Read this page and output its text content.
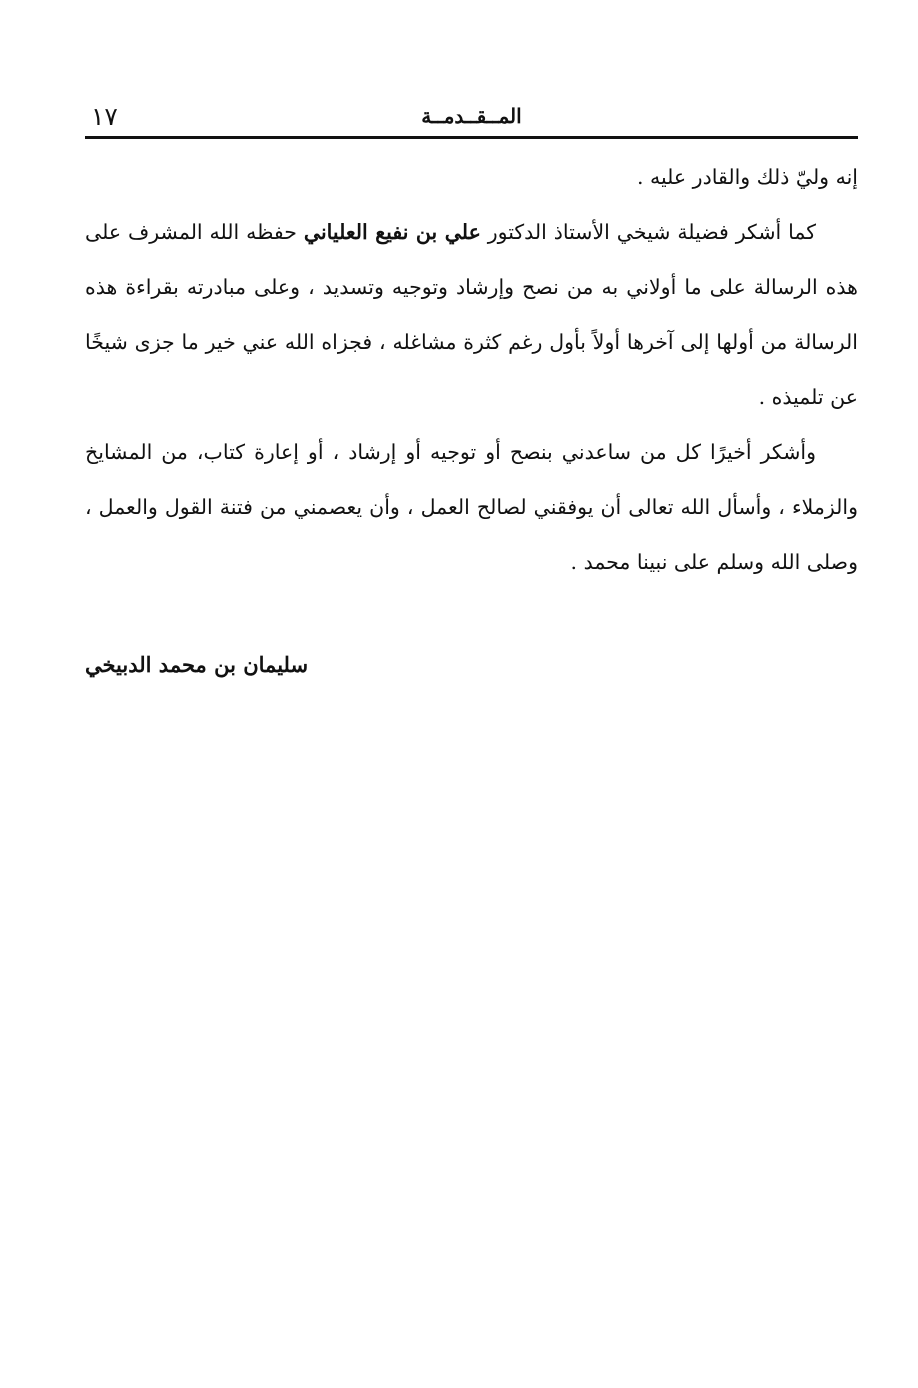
١٧	المــقــدمــة

إنه وليّ ذلك والقادر عليه .

كما أشكر فضيلة شيخي الأستاذ الدكتور علي بن نفيع العلياني حفظه الله المشرف على هذه الرسالة على ما أولاني به من نصح وإرشاد وتوجيه وتسديد ، وعلى مبادرته بقراءة هذه الرسالة من أولها إلى آخرها أولاً بأول رغم كثرة مشاغله ، فجزاه الله عني خير ما جزى شيخًا عن تلميذه .

وأشكر أخيرًا كل من ساعدني بنصح أو توجيه أو إرشاد ، أو إعارة كتاب، من المشايخ والزملاء ، وأسأل الله تعالى أن يوفقني لصالح العمل ، وأن يعصمني من فتنة القول والعمل ، وصلى الله وسلم على نبينا محمد .

سليمان بن محمد الدبيخي
